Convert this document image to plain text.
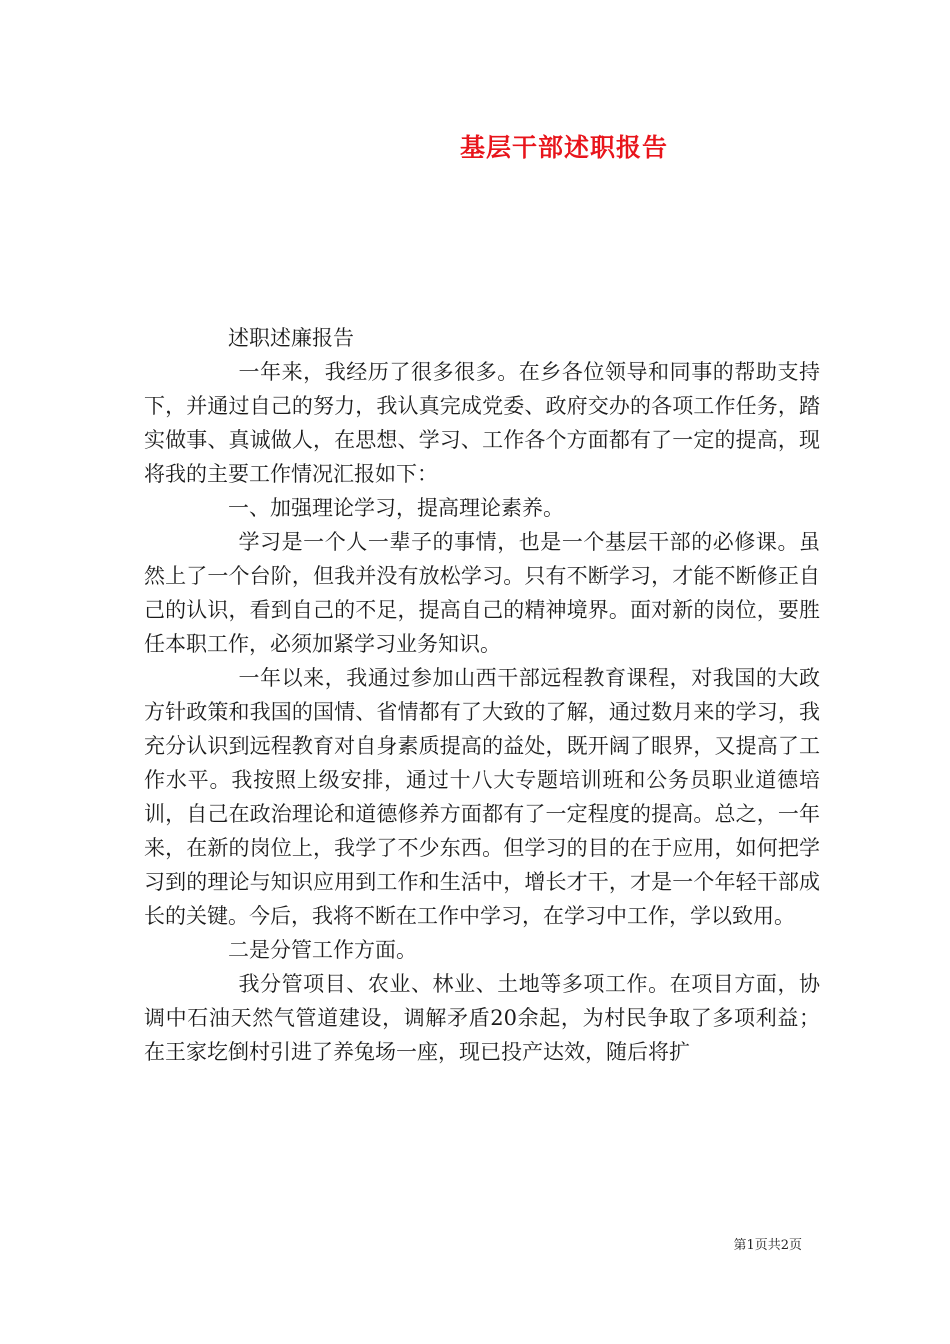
基层干部述职报告

述职述廉报告

一年来，我经历了很多很多。在乡各位领导和同事的帮助支持下，并通过自己的努力，我认真完成党委、政府交办的各项工作任务，踏实做事、真诚做人，在思想、学习、工作各个方面都有了一定的提高，现将我的主要工作情况汇报如下：

一、加强理论学习，提高理论素养。

学习是一个人一辈子的事情，也是一个基层干部的必修课。虽然上了一个台阶，但我并没有放松学习。只有不断学习，才能不断修正自己的认识，看到自己的不足，提高自己的精神境界。面对新的岗位，要胜任本职工作，必须加紧学习业务知识。

一年以来，我通过参加山西干部远程教育课程，对我国的大政方针政策和我国的国情、省情都有了大致的了解，通过数月来的学习，我充分认识到远程教育对自身素质提高的益处，既开阔了眼界，又提高了工作水平。我按照上级安排，通过十八大专题培训班和公务员职业道德培训，自己在政治理论和道德修养方面都有了一定程度的提高。总之，一年来，在新的岗位上，我学了不少东西。但学习的目的在于应用，如何把学习到的理论与知识应用到工作和生活中，增长才干，才是一个年轻干部成长的关键。今后，我将不断在工作中学习，在学习中工作，学以致用。

二是分管工作方面。

我分管项目、农业、林业、土地等多项工作。在项目方面，协调中石油天然气管道建设，调解矛盾20余起，为村民争取了多项利益；在王家圪倒村引进了养兔场一座，现已投产达效，随后将扩

第1页共2页
